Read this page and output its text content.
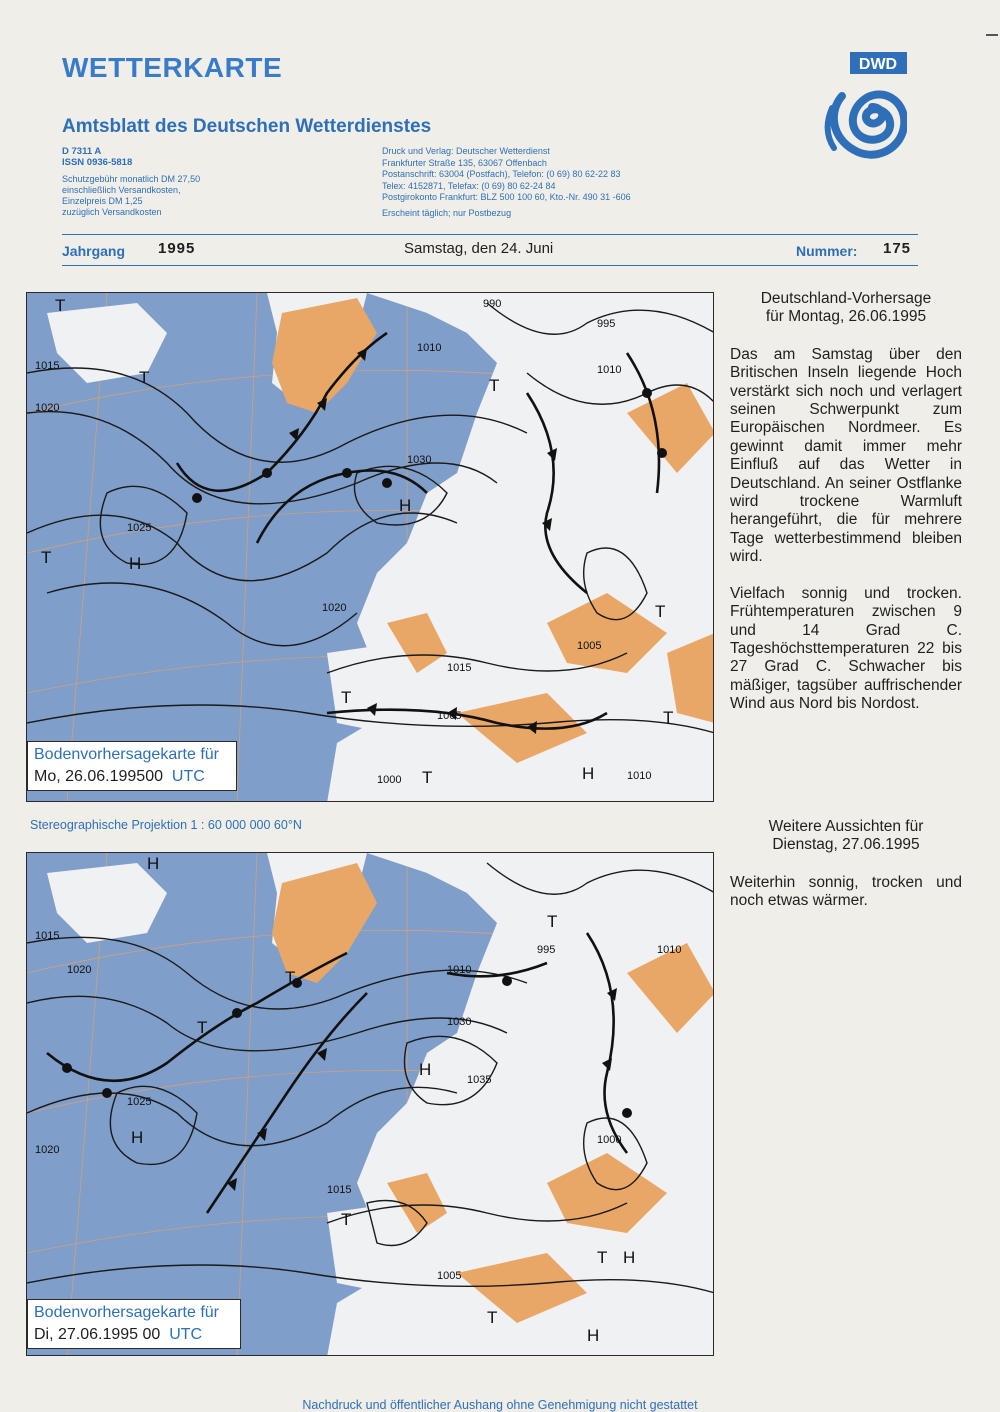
WETTERKARTE
Amtsblatt des Deutschen Wetterdienstes
D 7311 A
ISSN 0936-5818
Schutzgebühr monatlich DM 27,50
einschließlich Versandkosten,
Einzelpreis DM 1,25
zuzüglich Versandkosten
Druck und Verlag: Deutscher Wetterdienst
Frankfurter Straße 135, 63067 Offenbach
Postanschrift: 63004 (Postfach), Telefon: (0 69) 80 62-22 83
Telex: 4152871, Telefax: (0 69) 80 62-24 84
Postgirokonto Frankfurt: BLZ 500 100 60, Kto.-Nr. 490 31 -606
Erscheint täglich; nur Postbezug
DWD
Jahrgang 1995	Samstag, den 24. Juni	Nummer: 175
1015
1020
1010
1025
1030
1020
1005
1015
1000
995
990
1010
1005
1010
T
T
H
H
T
T
T
H
T
T
T
Bodenvorhersagekarte für
Mo, 26.06.199500 UTC
Stereographische Projektion 1 : 60 000 000 60°N
1015
1020	1010
1025
1030
1035
1005
1015
1000
995
1020
1010
H
T
T
H
H
T
T
T H
T
H
Bodenvorhersagekarte für
Di, 27.06.1995 00 UTC
Deutschland-Vorhersage
für Montag, 26.06.1995

Das am Samstag über den Britischen Inseln liegende Hoch verstärkt sich noch und verlagert seinen Schwerpunkt zum Europäischen Nordmeer. Es gewinnt damit immer mehr Einfluß auf das Wetter in Deutschland. An seiner Ostflanke wird trockene Warmluft herangeführt, die für mehrere Tage wetterbestimmend bleiben wird.

Vielfach sonnig und trocken. Frühtemperaturen zwischen 9 und 14 Grad C. Tageshöchsttemperaturen 22 bis 27 Grad C. Schwacher bis mäßiger, tagsüber auffrischender Wind aus Nord bis Nordost.

Weitere Aussichten für
Dienstag, 27.06.1995

Weiterhin sonnig, trocken und noch etwas wärmer.

Nachdruck und öffentlicher Aushang ohne Genehmigung nicht gestattet
